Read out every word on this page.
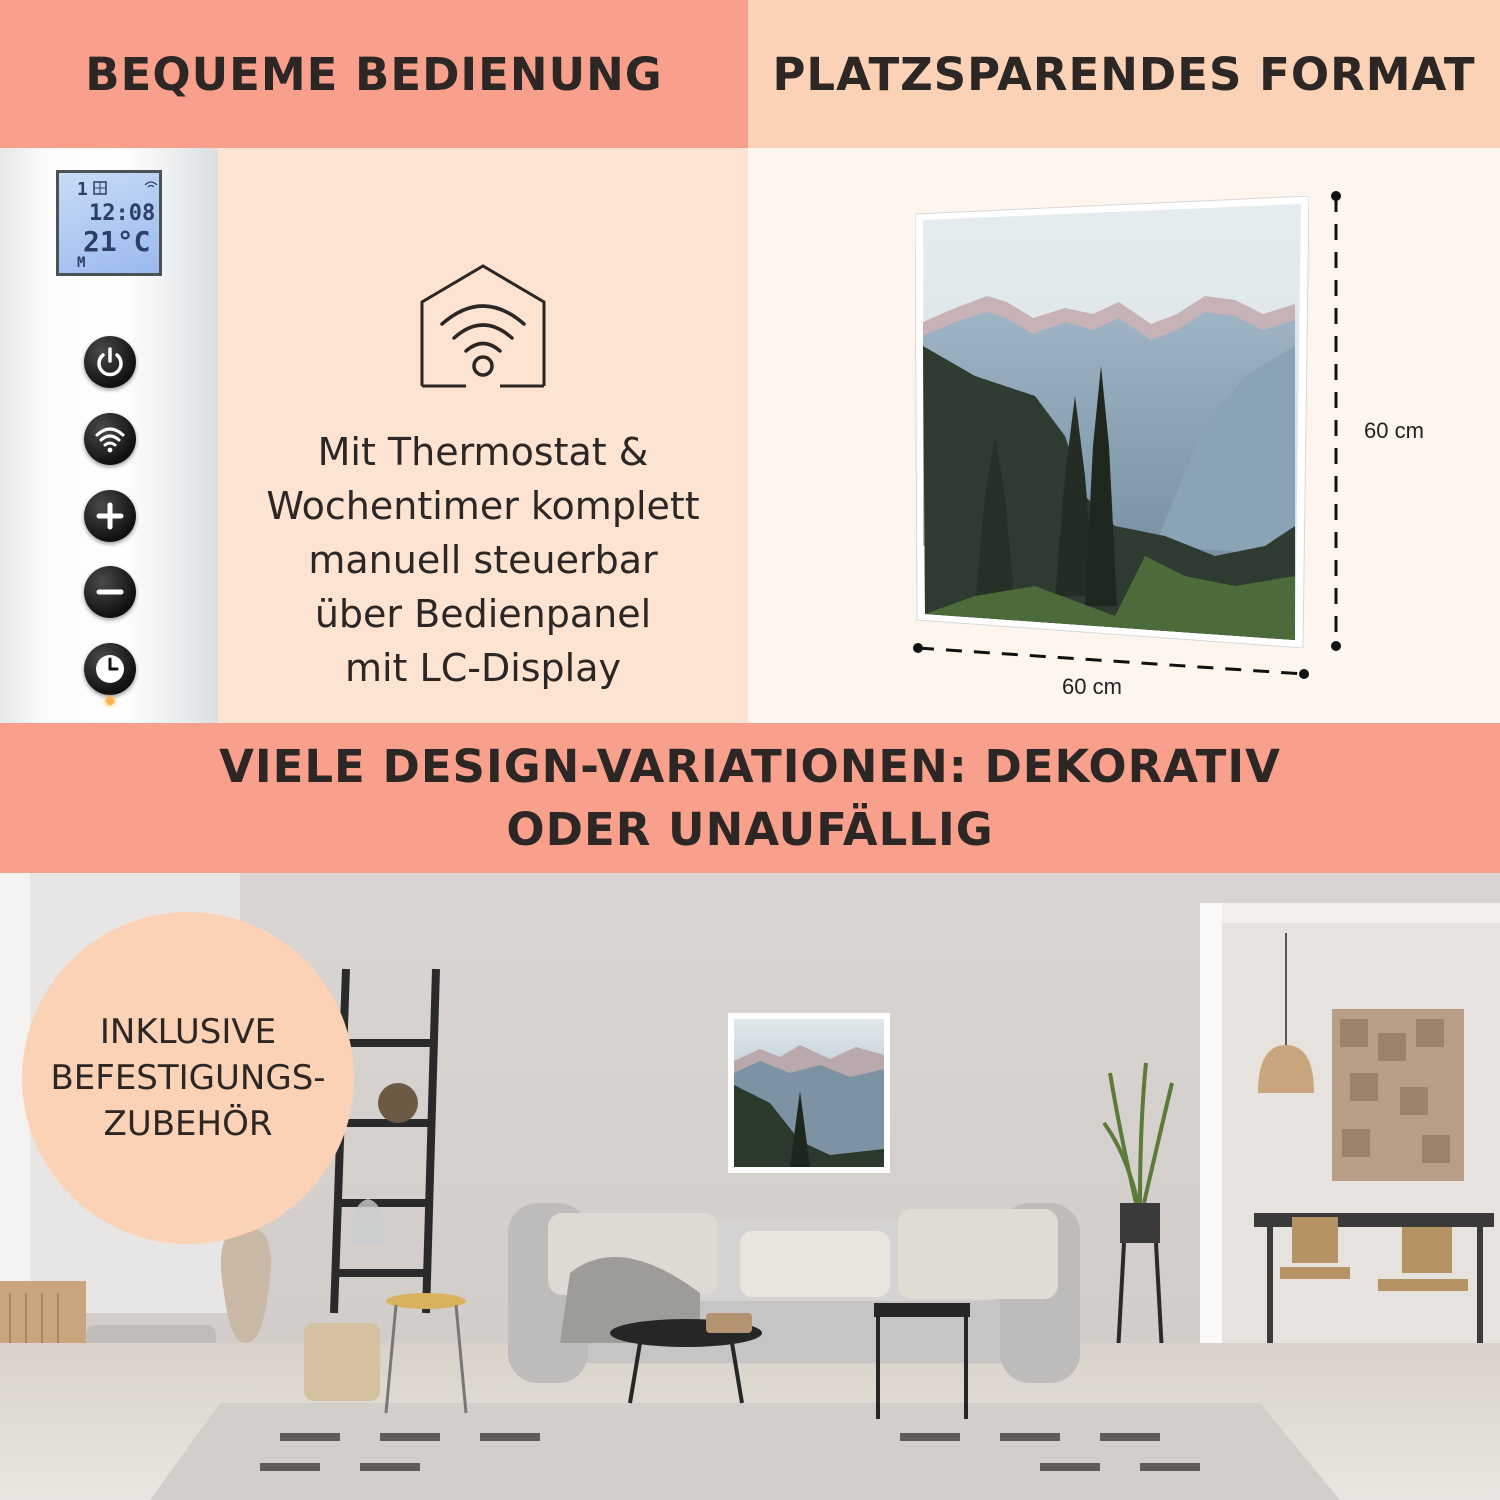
BEQUEME BEDIENUNG PLATZSPARENDES FORMAT
1
12:08
21°C
M
Mit Thermostat &
Wochentimer komplett
manuell steuerbar
über Bedienpanel
mit LC-Display
60 cm
60 cm
VIELE DESIGN-VARIATIONEN: DEKORATIV ODER UNAUFÄLLIG
INKLUSIVE
BEFESTIGUNGS-
ZUBEHÖR
